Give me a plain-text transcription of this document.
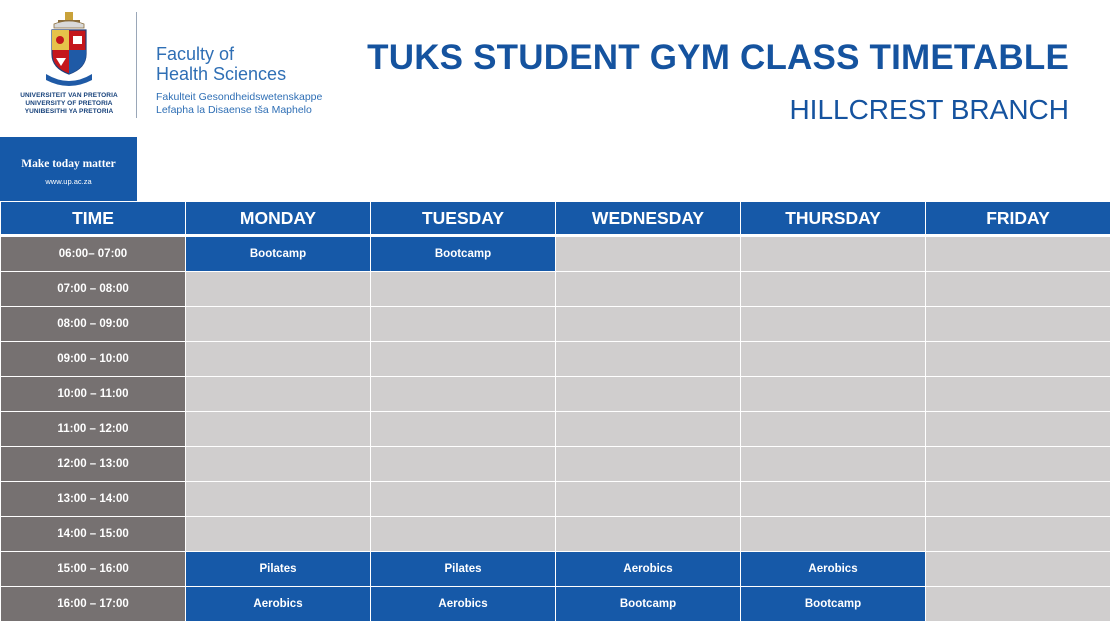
UNIVERSITEIT VAN PRETORIA
UNIVERSITY OF PRETORIA
YUNIBESITHI YA PRETORIA
Faculty of
Health Sciences
Fakulteit Gesondheidswetenskappe
Lefapha la Disaense tša Maphelo
Make today matter
www.up.ac.za
TUKS STUDENT GYM CLASS TIMETABLE
HILLCREST BRANCH
TIME	MONDAY	TUESDAY	WEDNESDAY	THURSDAY	FRIDAY
06:00– 07:00	Bootcamp	Bootcamp			
07:00 – 08:00					
08:00 – 09:00					
09:00 – 10:00					
10:00 – 11:00					
11:00 – 12:00					
12:00 – 13:00					
13:00 – 14:00					
14:00 – 15:00					
15:00 – 16:00	Pilates	Pilates	Aerobics	Aerobics	
16:00 – 17:00	Aerobics	Aerobics	Bootcamp	Bootcamp	
